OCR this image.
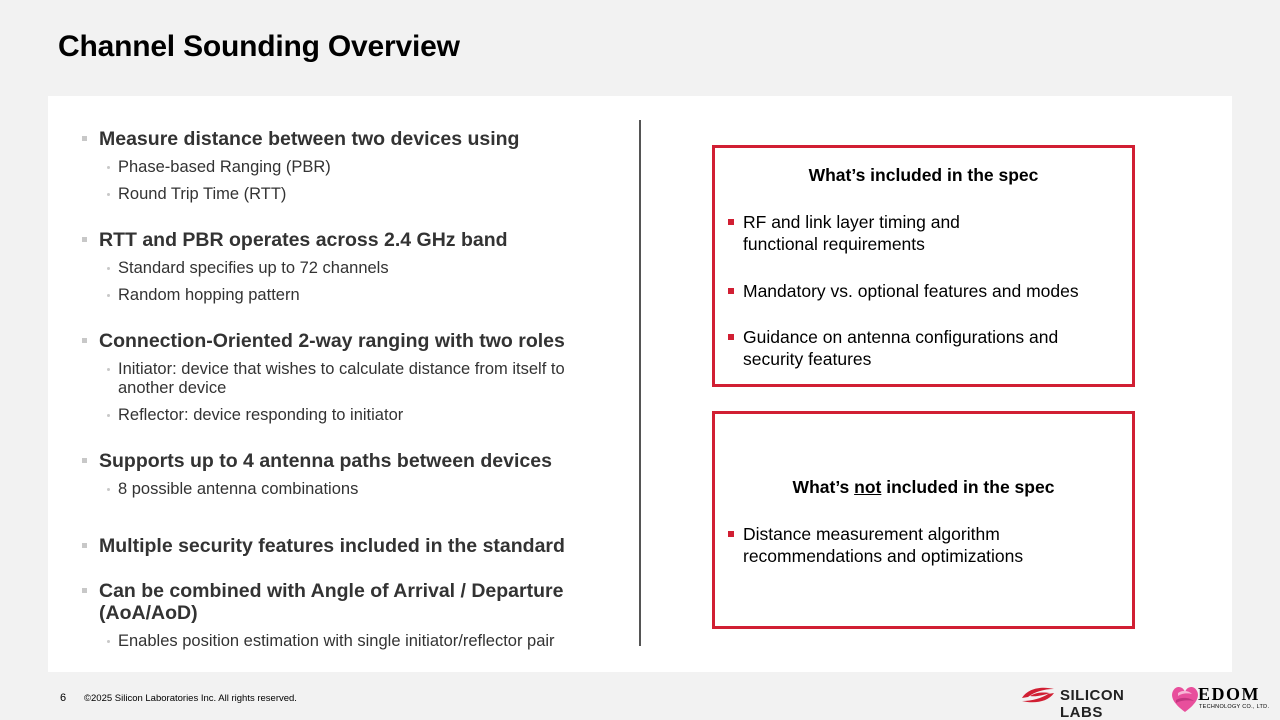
Channel Sounding Overview
Measure distance between two devices using
Phase-based Ranging (PBR)
Round Trip Time (RTT)
RTT and PBR operates across 2.4 GHz band
Standard specifies up to 72 channels
Random hopping pattern
Connection-Oriented 2-way ranging with two roles
Initiator: device that wishes to calculate distance from itself to another device
Reflector: device responding to initiator
Supports up to 4 antenna paths between devices
8 possible antenna combinations
Multiple security features included in the standard
Can be combined with Angle of Arrival / Departure (AoA/AoD)
Enables position estimation with single initiator/reflector pair
What’s included in the spec
RF and link layer timing and functional requirements
Mandatory vs. optional features and modes
Guidance on antenna configurations and security features
What’s not included in the spec
Distance measurement algorithm recommendations and optimizations
6 ©2025 Silicon Laboratories Inc. All rights reserved.	SILICON LABS
EDOM
TECHNOLOGY CO., LTD.
